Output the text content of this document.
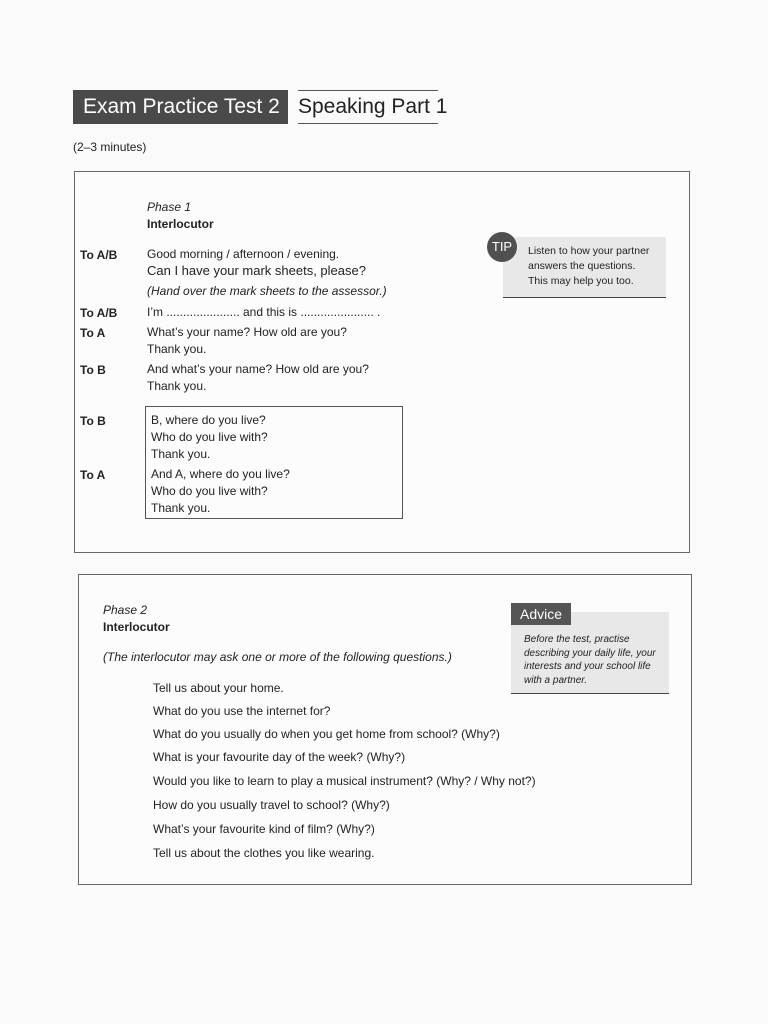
Exam Practice Test 2 Speaking Part 1
(2–3 minutes)
Phase 1
Interlocutor
To A/B Good morning / afternoon / evening.
Can I have your mark sheets, please?
(Hand over the mark sheets to the assessor.)
To A/B I’m ...................... and this is ...................... .
To A	What’s your name? How old are you?
Thank you.
To B	And what’s your name? How old are you?
Thank you.
To B	B, where do you live?
Who do you live with?
Thank you.
To A	And A, where do you live?
Who do you live with?
Thank you.
TIP	Listen to how your partner
answers the questions.
This may help you too.
Phase 2
Interlocutor
(The interlocutor may ask one or more of the following questions.)
Tell us about your home.
What do you use the internet for?
What do you usually do when you get home from school? (Why?)
What is your favourite day of the week? (Why?)
Would you like to learn to play a musical instrument? (Why? / Why not?)
How do you usually travel to school? (Why?)
What’s your favourite kind of film? (Why?)
Tell us about the clothes you like wearing.
Advice
Before the test, practise
describing your daily life, your
interests and your school life
with a partner.
